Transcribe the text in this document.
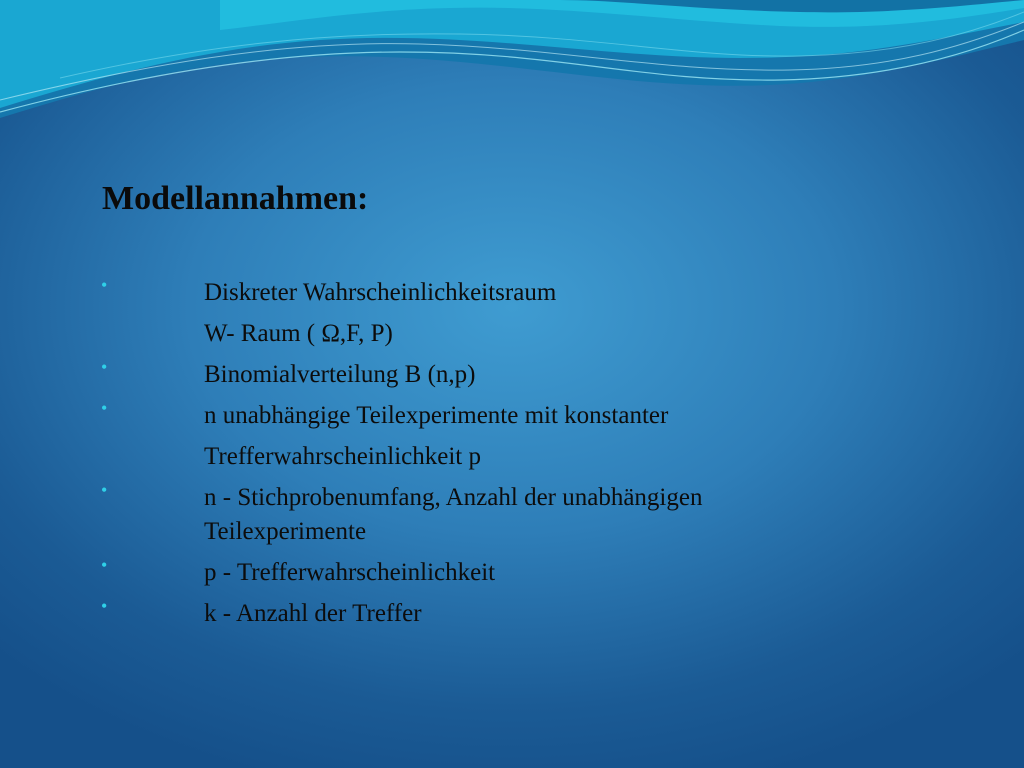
Modellannahmen:
•	Diskreter Wahrscheinlichkeitsraum
W- Raum ( Ω,F, P)
•	Binomialverteilung B (n,p)
•	n unabhängige Teilexperimente mit konstanter
Trefferwahrscheinlichkeit p
•	n - Stichprobenumfang, Anzahl der unabhängigen Teilexperimente
•	p - Trefferwahrscheinlichkeit
•	k - Anzahl der Treffer
